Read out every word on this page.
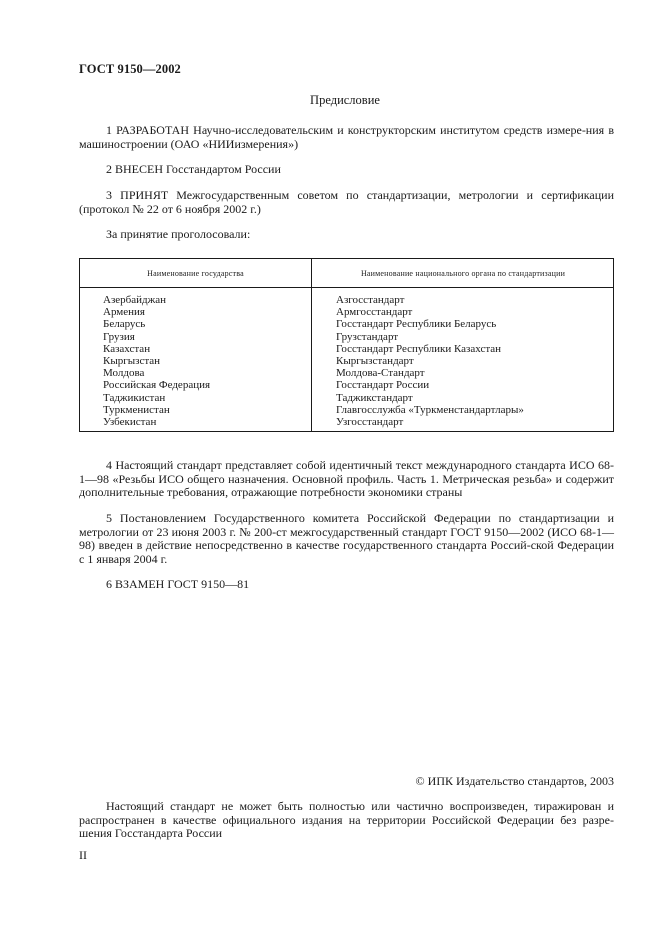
ГОСТ 9150—2002
Предисловие

1 РАЗРАБОТАН Научно-исследовательским и конструкторским институтом средств измере-ния в машиностроении (ОАО «НИИизмерения»)

2 ВНЕСЕН Госстандартом России

3 ПРИНЯТ Межгосударственным советом по стандартизации, метрологии и сертификации (протокол № 22 от 6 ноября 2002 г.)

За принятие проголосовали:

Наименование государства	Наименование национального органа по стандартизации
Азербайджан
Армения
Беларусь
Грузия
Казахстан
Кыргызстан
Молдова
Российская Федерация
Таджикистан
Туркменистан
Узбекистан
Азгосстандарт
Армгосстандарт
Госстандарт Республики Беларусь
Грузстандарт
Госстандарт Республики Казахстан
Кыргызстандарт
Молдова-Стандарт
Госстандарт России
Таджикстандарт
Главгосслужба «Туркменстандартлары»
Узгосстандарт

4 Настоящий стандарт представляет собой идентичный текст международного стандарта ИСО 68-1—98 «Резьбы ИСО общего назначения. Основной профиль. Часть 1. Метрическая резьба» и содержит дополнительные требования, отражающие потребности экономики страны

5 Постановлением Государственного комитета Российской Федерации по стандартизации и метрологии от 23 июня 2003 г. № 200-ст межгосударственный стандарт ГОСТ 9150—2002 (ИСО 68-1—98) введен в действие непосредственно в качестве государственного стандарта Россий-ской Федерации с 1 января 2004 г.

6 ВЗАМЕН ГОСТ 9150—81

© ИПК Издательство стандартов, 2003

Настоящий стандарт не может быть полностью или частично воспроизведен, тиражирован и распространен в качестве официального издания на территории Российской Федерации без разре-шения Госстандарта России

II
